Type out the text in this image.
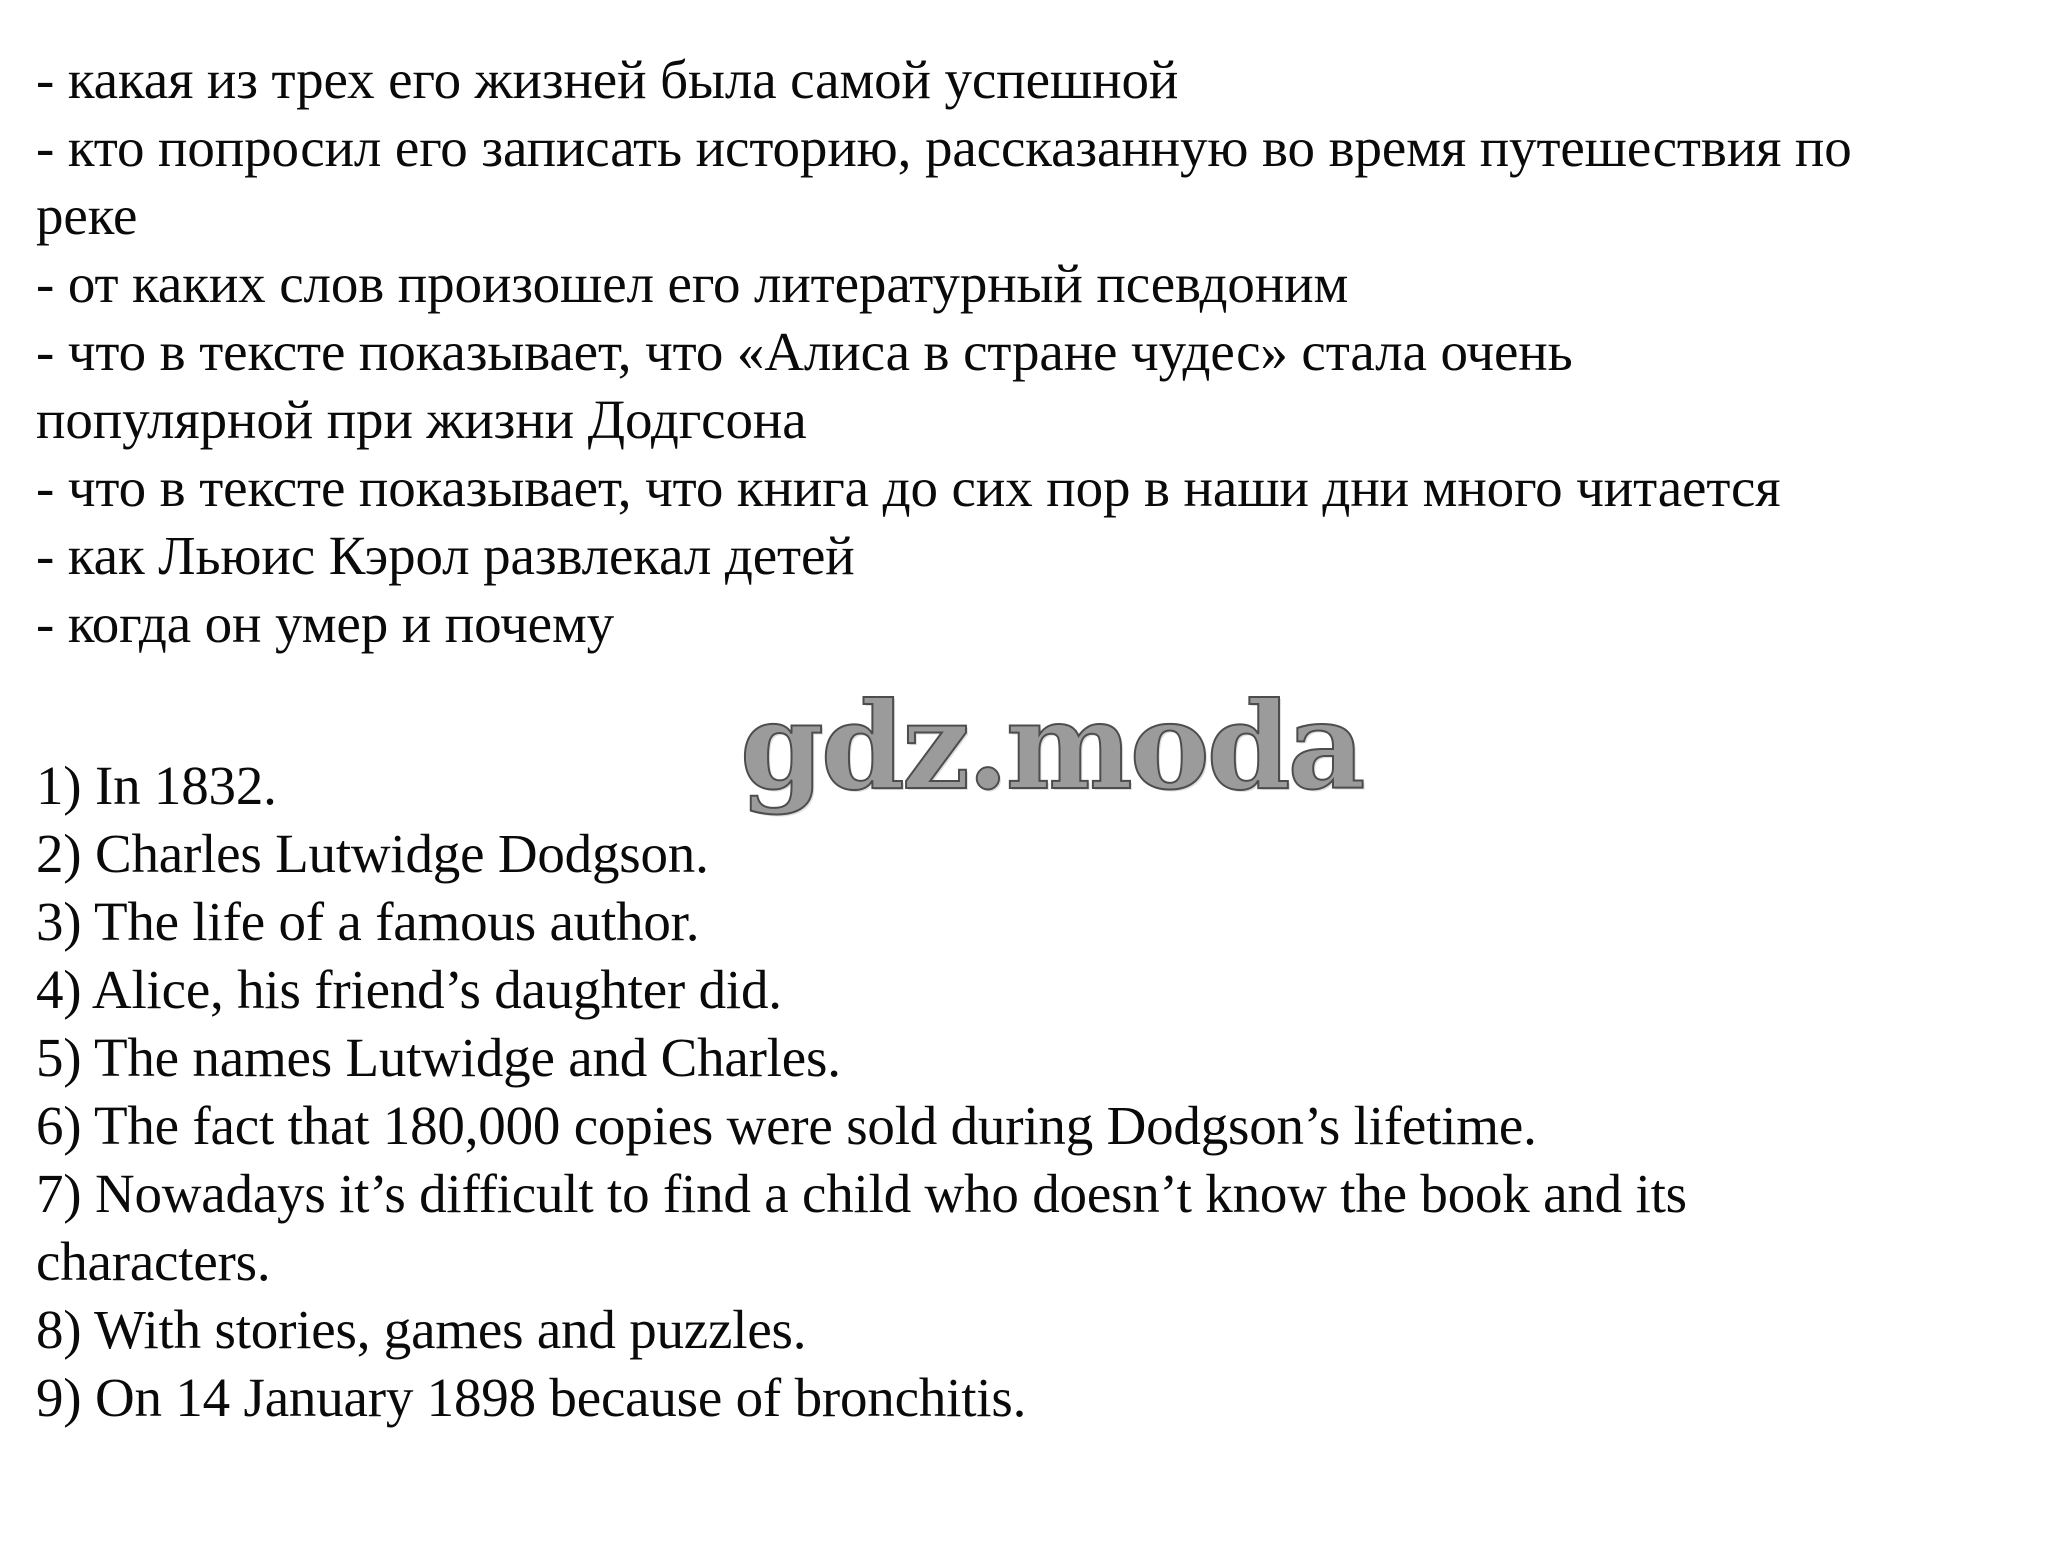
- какая из трех его жизней была самой успешной
- кто попросил его записать историю, рассказанную во время путешествия по
реке
- от каких слов произошел его литературный псевдоним
- что в тексте показывает, что «Алиса в стране чудес» стала очень
популярной при жизни Додгсона
- что в тексте показывает, что книга до сих пор в наши дни много читается
- как Льюис Кэрол развлекал детей
- когда он умер и почему
1) In 1832.
2) Charles Lutwidge Dodgson.
3) The life of a famous author.
4) Alice, his friend’s daughter did.
5) The names Lutwidge and Charles.
6) The fact that 180,000 copies were sold during Dodgson’s lifetime.
7) Nowadays it’s difficult to find a child who doesn’t know the book and its
characters.
8) With stories, games and puzzles.
9) On 14 January 1898 because of bronchitis.
gdz.moda
